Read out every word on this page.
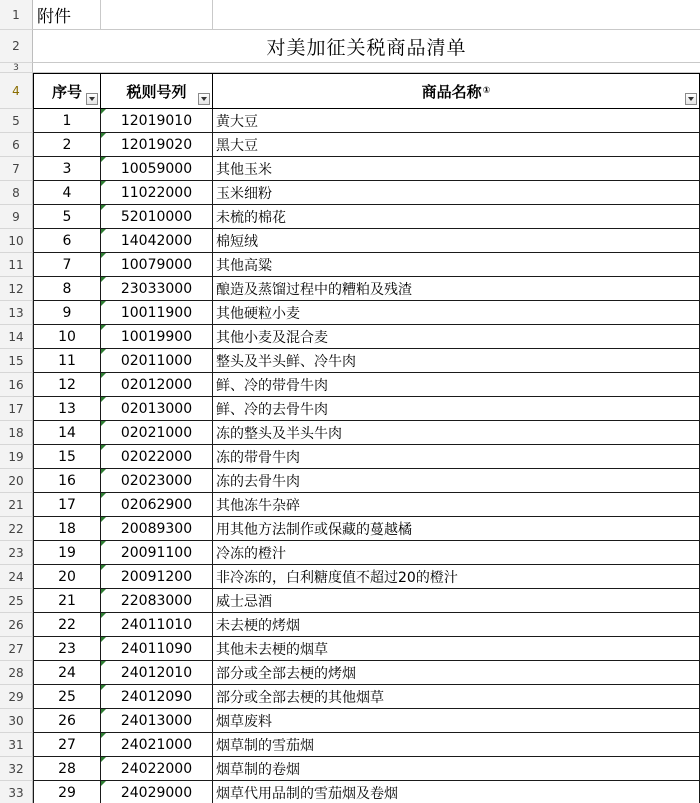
1	附件
2	对美加征关税商品清单
3
4	序号	税则号列	商品名称 ①
5	1	12019010	黄大豆
6	2	12019020	黑大豆
7	3	10059000	其他玉米
8	4	11022000	玉米细粉
9	5	52010000	未梳的棉花
10	6	14042000	棉短绒
11	7	10079000	其他高粱
12	8	23033000	酿造及蒸馏过程中的糟粕及残渣
13	9	10011900	其他硬粒小麦
14	10	10019900	其他小麦及混合麦
15	11	02011000	整头及半头鲜、冷牛肉
16	12	02012000	鲜、冷的带骨牛肉
17	13	02013000	鲜、冷的去骨牛肉
18	14	02021000	冻的整头及半头牛肉
19	15	02022000	冻的带骨牛肉
20	16	02023000	冻的去骨牛肉
21	17	02062900	其他冻牛杂碎
22	18	20089300	用其他方法制作或保藏的蔓越橘
23	19	20091100	冷冻的橙汁
24	20	20091200	非冷冻的，白利糖度值不超过20的橙汁
25	21	22083000	威士忌酒
26	22	24011010	未去梗的烤烟
27	23	24011090	其他未去梗的烟草
28	24	24012010	部分或全部去梗的烤烟
29	25	24012090	部分或全部去梗的其他烟草
30	26	24013000	烟草废料
31	27	24021000	烟草制的雪茄烟
32	28	24022000	烟草制的卷烟
33	29	24029000	烟草代用品制的雪茄烟及卷烟
